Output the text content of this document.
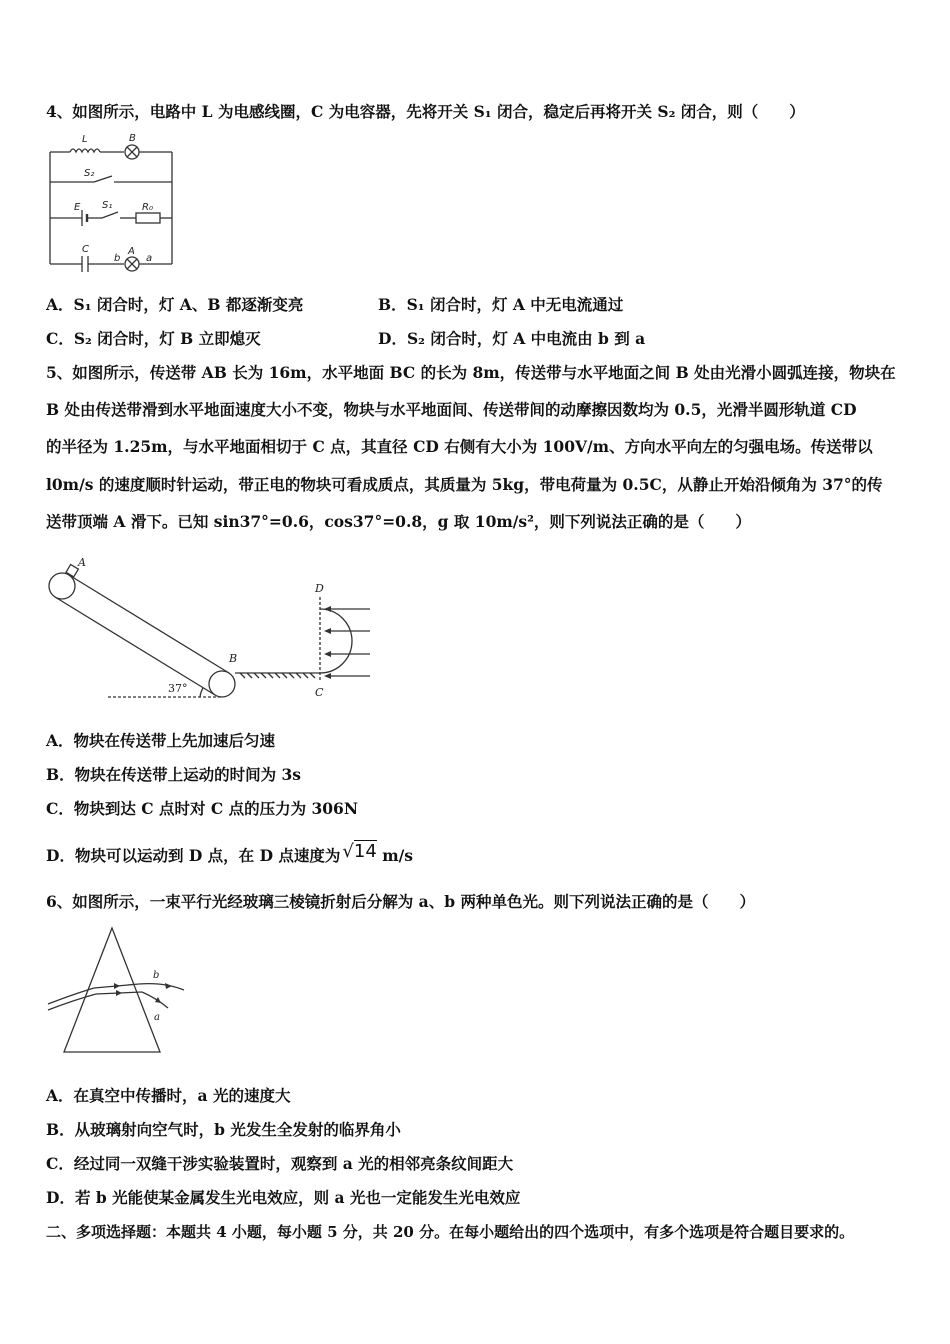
4、如图所示，电路中 L 为电感线圈，C 为电容器，先将开关 S₁ 闭合，稳定后再将开关 S₂ 闭合，则（　　）
L	B
S₂
E S₁	R₀
C
b
A
a
A．S₁ 闭合时，灯 A、B 都逐渐变亮	B．S₁ 闭合时，灯 A 中无电流通过
C．S₂ 闭合时，灯 B 立即熄灭	D．S₂ 闭合时，灯 A 中电流由 b 到 a
5、如图所示，传送带 AB 长为 16m，水平地面 BC 的长为 8m，传送带与水平地面之间 B 处由光滑小圆弧连接，物块在
B 处由传送带滑到水平地面速度大小不变，物块与水平地面间、传送带间的动摩擦因数均为 0.5，光滑半圆形轨道 CD
的半径为 1.25m，与水平地面相切于 C 点，其直径 CD 右侧有大小为 100V/m、方向水平向左的匀强电场。传送带以
l0m/s 的速度顺时针运动，带正电的物块可看成质点，其质量为 5kg，带电荷量为 0.5C，从静止开始沿倾角为 37°的传
送带顶端 A 滑下。已知 sin37°=0.6，cos37°=0.8，g 取 10m/s²，则下列说法正确的是（　　）
A
B
C
D
37°
A．物块在传送带上先加速后匀速
B．物块在传送带上运动的时间为 3s
C．物块到达 C 点时对 C 点的压力为 306N
D．物块可以运动到 D 点，在 D 点速度为 √14 m/s
6、如图所示，一束平行光经玻璃三棱镜折射后分解为 a、b 两种单色光。则下列说法正确的是（　　）
b
a
A．在真空中传播时，a 光的速度大
B．从玻璃射向空气时，b 光发生全发射的临界角小
C．经过同一双缝干涉实验装置时，观察到 a 光的相邻亮条纹间距大
D．若 b 光能使某金属发生光电效应，则 a 光也一定能发生光电效应
二、多项选择题：本题共 4 小题，每小题 5 分，共 20 分。在每小题给出的四个选项中，有多个选项是符合题目要求的。
